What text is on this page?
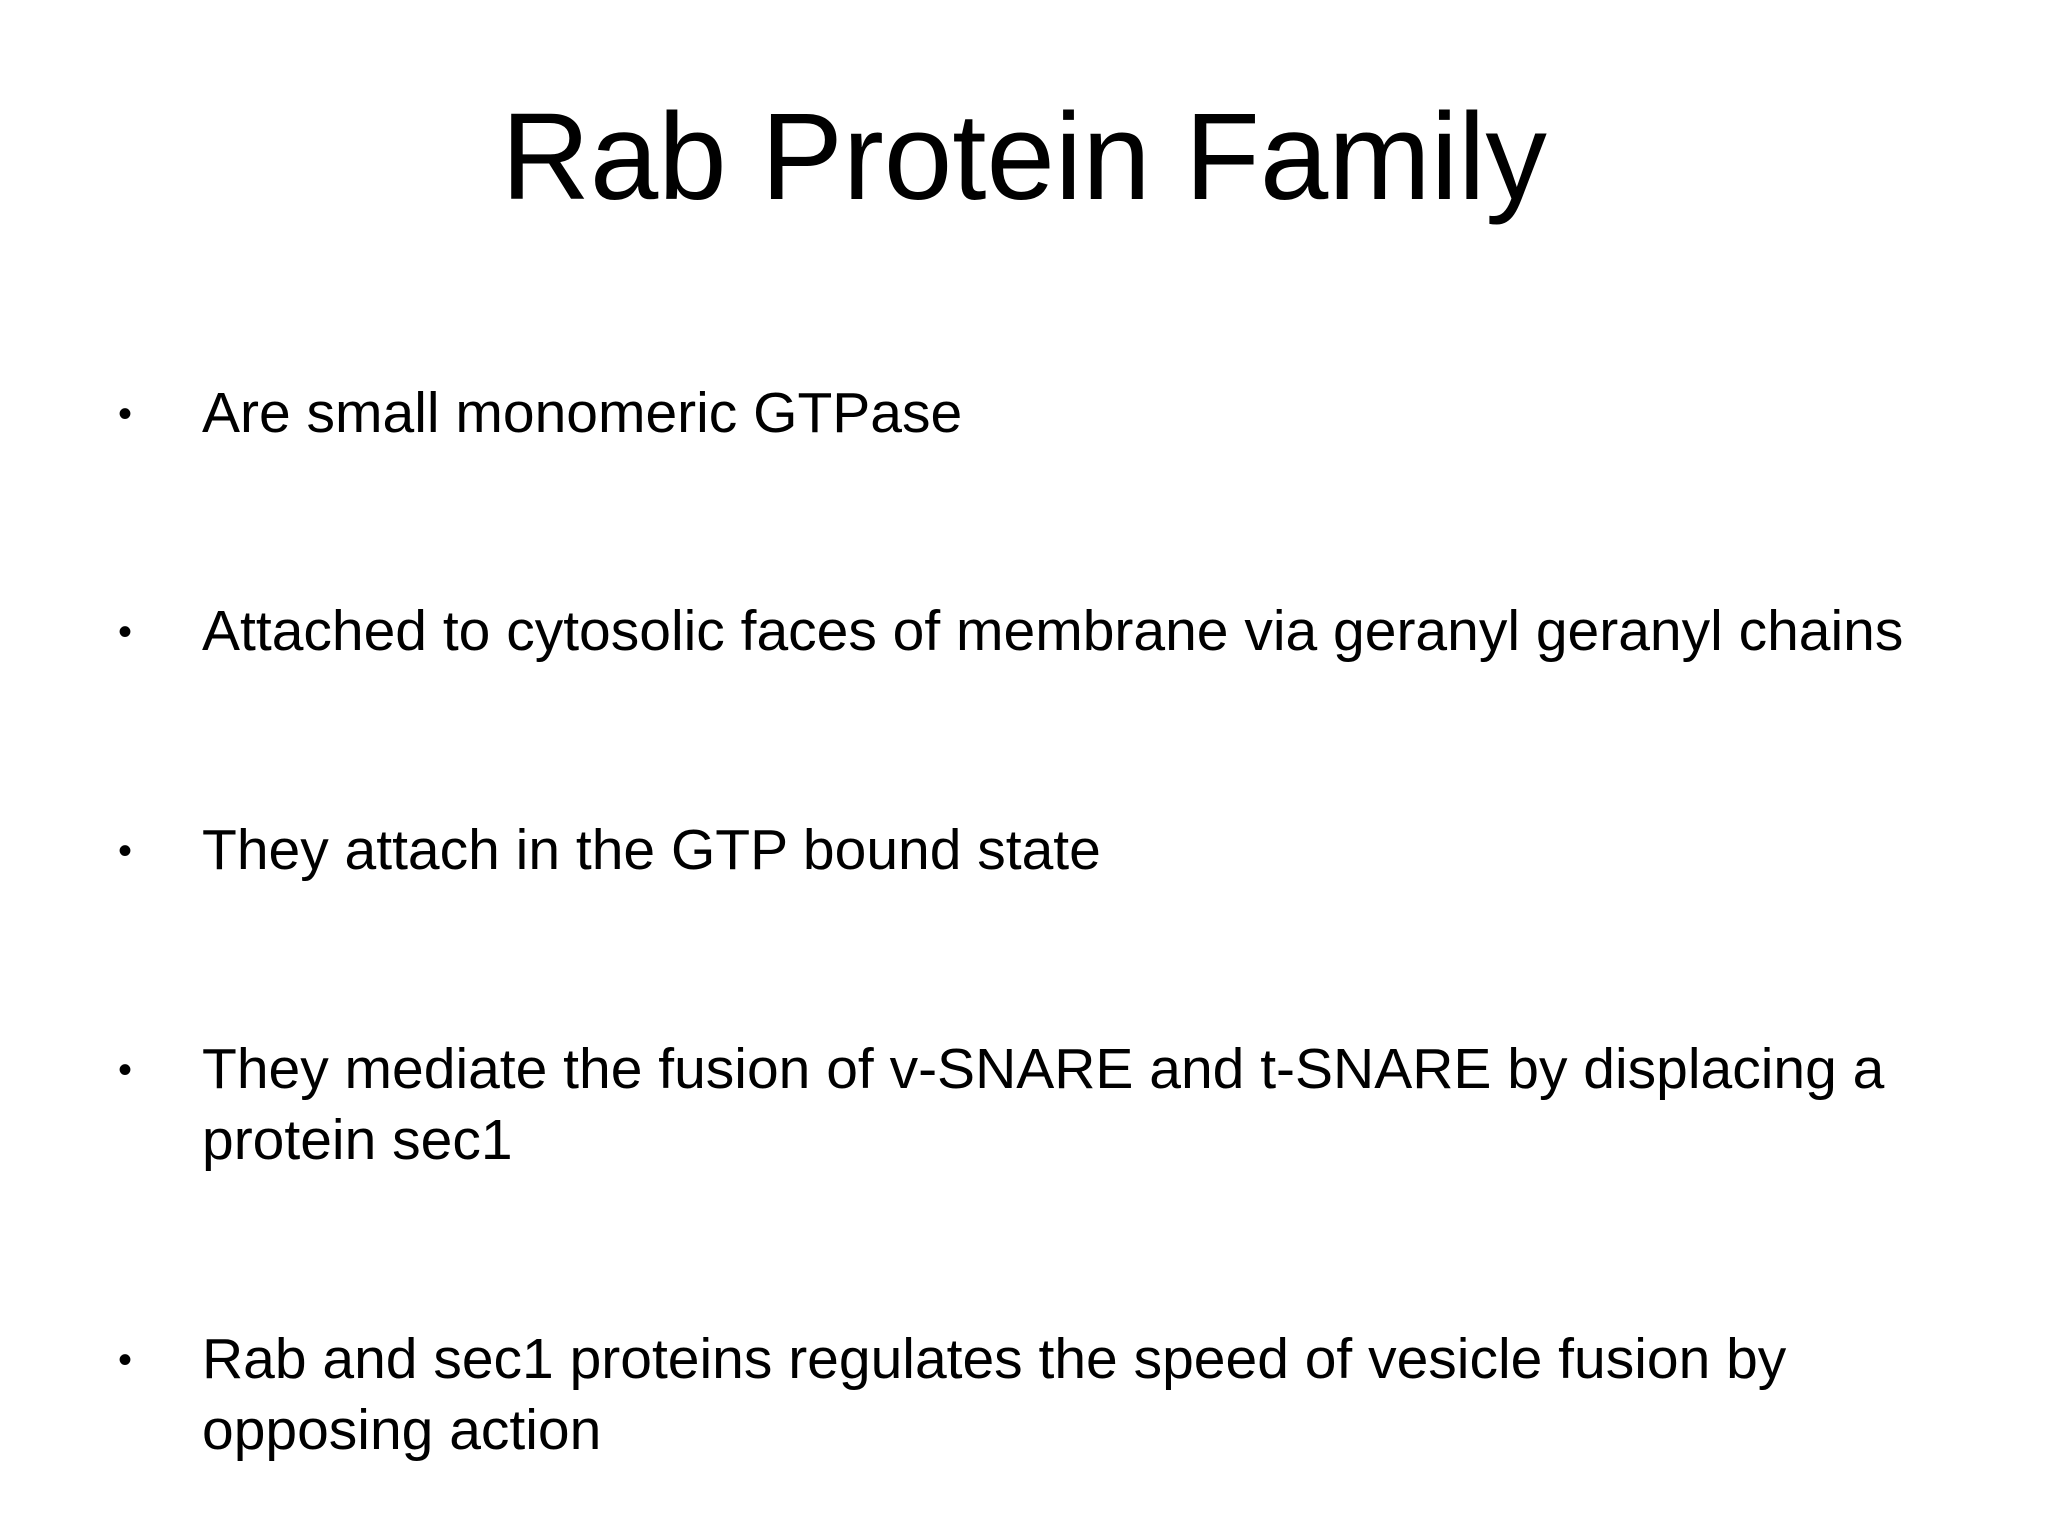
Rab Protein Family
• Are small monomeric GTPase
• Attached to cytosolic faces of membrane via geranyl geranyl chains
• They attach in the GTP bound state
• They mediate the fusion of v-SNARE and t-SNARE by displacing a protein sec1
• Rab and sec1 proteins regulates the speed of vesicle fusion by opposing action
